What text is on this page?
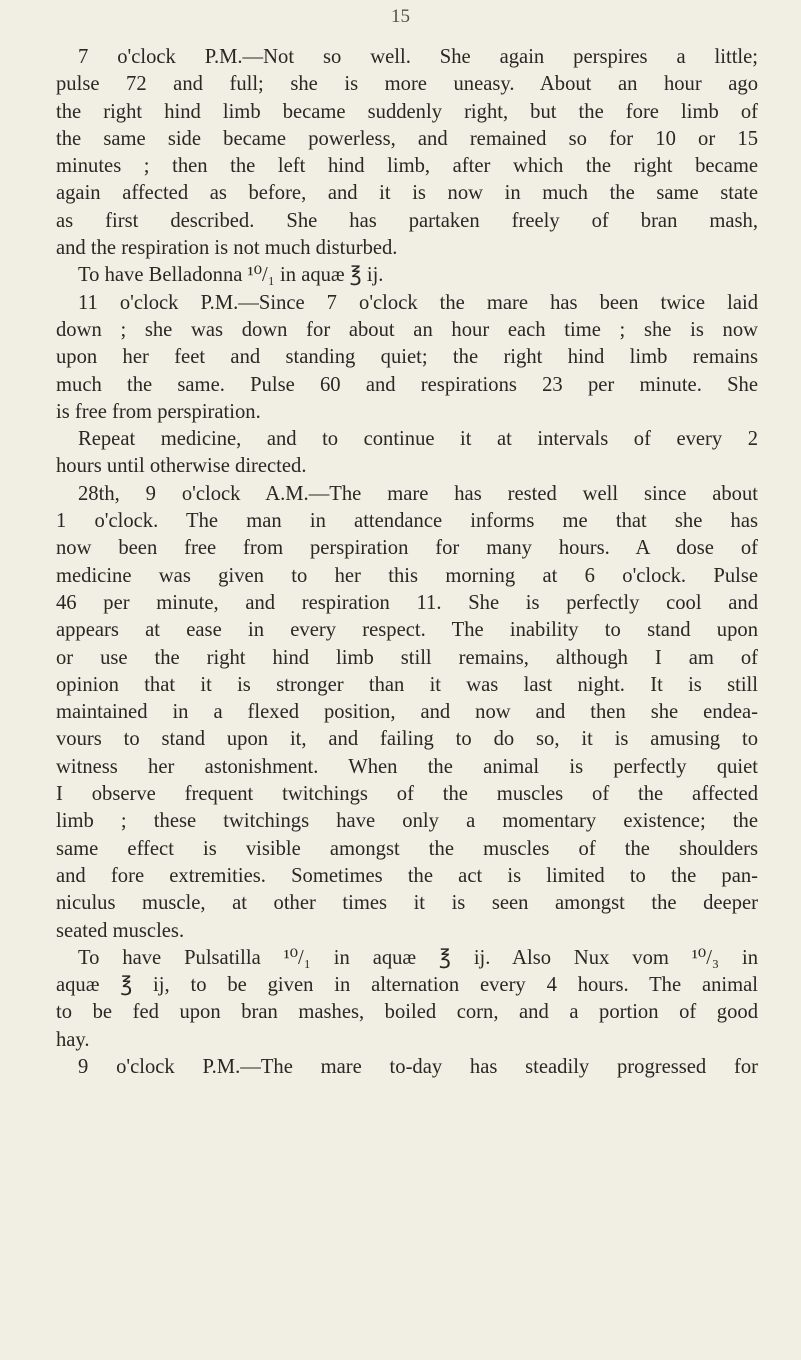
15
7 o'clock P.M.—Not so well. She again perspires a little;
pulse 72 and full; she is more uneasy. About an hour ago
the right hind limb became suddenly right, but the fore limb of
the same side became powerless, and remained so for 10 or 15
minutes ; then the left hind limb, after which the right became
again affected as before, and it is now in much the same state
as first described. She has partaken freely of bran mash,
and the respiration is not much disturbed.
To have Belladonna ¹⁰/₁ in aquæ ℥ ij.
11 o'clock P.M.—Since 7 o'clock the mare has been twice laid
down ; she was down for about an hour each time ; she is now
upon her feet and standing quiet; the right hind limb remains
much the same. Pulse 60 and respirations 23 per minute. She
is free from perspiration.
Repeat medicine, and to continue it at intervals of every 2
hours until otherwise directed.
28th, 9 o'clock A.M.—The mare has rested well since about
1 o'clock. The man in attendance informs me that she has
now been free from perspiration for many hours. A dose of
medicine was given to her this morning at 6 o'clock. Pulse
46 per minute, and respiration 11. She is perfectly cool and
appears at ease in every respect. The inability to stand upon
or use the right hind limb still remains, although I am of
opinion that it is stronger than it was last night. It is still
maintained in a flexed position, and now and then she endea-
vours to stand upon it, and failing to do so, it is amusing to
witness her astonishment. When the animal is perfectly quiet
I observe frequent twitchings of the muscles of the affected
limb ; these twitchings have only a momentary existence; the
same effect is visible amongst the muscles of the shoulders
and fore extremities. Sometimes the act is limited to the pan-
niculus muscle, at other times it is seen amongst the deeper
seated muscles.
To have Pulsatilla ¹⁰/₁ in aquæ ℥ ij. Also Nux vom ¹⁰/₃ in
aquæ ℥ ij, to be given in alternation every 4 hours. The animal
to be fed upon bran mashes, boiled corn, and a portion of good
hay.
9 o'clock P.M.—The mare to-day has steadily progressed for
